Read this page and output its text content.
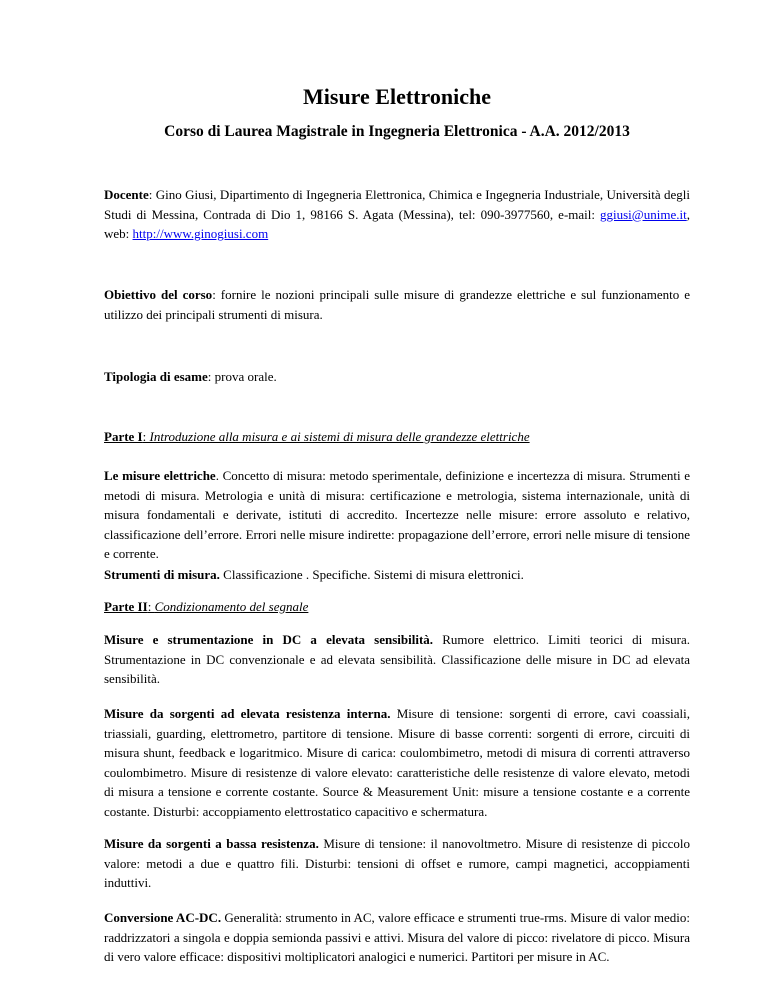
Misure Elettroniche
Corso di Laurea Magistrale in Ingegneria Elettronica - A.A. 2012/2013

Docente: Gino Giusi, Dipartimento di Ingegneria Elettronica, Chimica e Ingegneria Industriale, Università degli Studi di Messina, Contrada di Dio 1, 98166 S. Agata (Messina), tel: 090-3977560, e-mail: ggiusi@unime.it, web: http://www.ginogiusi.com

Obiettivo del corso: fornire le nozioni principali sulle misure di grandezze elettriche e sul funzionamento e utilizzo dei principali strumenti di misura.

Tipologia di esame: prova orale.

Parte I: Introduzione alla misura e ai sistemi di misura delle grandezze elettriche

Le misure elettriche. Concetto di misura: metodo sperimentale, definizione e incertezza di misura. Strumenti e metodi di misura. Metrologia e unità di misura: certificazione e metrologia, sistema internazionale, unità di misura fondamentali e derivate, istituti di accredito. Incertezze nelle misure: errore assoluto e relativo, classificazione dell’errore. Errori nelle misure indirette: propagazione dell’errore, errori nelle misure di tensione e corrente.

Strumenti di misura. Classificazione . Specifiche. Sistemi di misura elettronici.

Parte II: Condizionamento del segnale

Misure e strumentazione in DC a elevata sensibilità. Rumore elettrico. Limiti teorici di misura. Strumentazione in DC convenzionale e ad elevata sensibilità. Classificazione delle misure in DC ad elevata sensibilità.

Misure da sorgenti ad elevata resistenza interna. Misure di tensione: sorgenti di errore, cavi coassiali, triassiali, guarding, elettrometro, partitore di tensione. Misure di basse correnti: sorgenti di errore, circuiti di misura shunt, feedback e logaritmico. Misure di carica: coulombimetro, metodi di misura di correnti attraverso coulombimetro. Misure di resistenze di valore elevato: caratteristiche delle resistenze di valore elevato, metodi di misura a tensione e corrente costante. Source & Measurement Unit: misure a tensione costante e a corrente costante. Disturbi: accoppiamento elettrostatico capacitivo e schermatura.

Misure da sorgenti a bassa resistenza. Misure di tensione: il nanovoltmetro. Misure di resistenze di piccolo valore: metodi a due e quattro fili. Disturbi: tensioni di offset e rumore, campi magnetici, accoppiamenti induttivi.

Conversione AC-DC. Generalità: strumento in AC, valore efficace e strumenti true-rms. Misure di valor medio: raddrizzatori a singola e doppia semionda passivi e attivi. Misura del valore di picco: rivelatore di picco. Misura di vero valore efficace: dispositivi moltiplicatori analogici e numerici. Partitori per misure in AC.
